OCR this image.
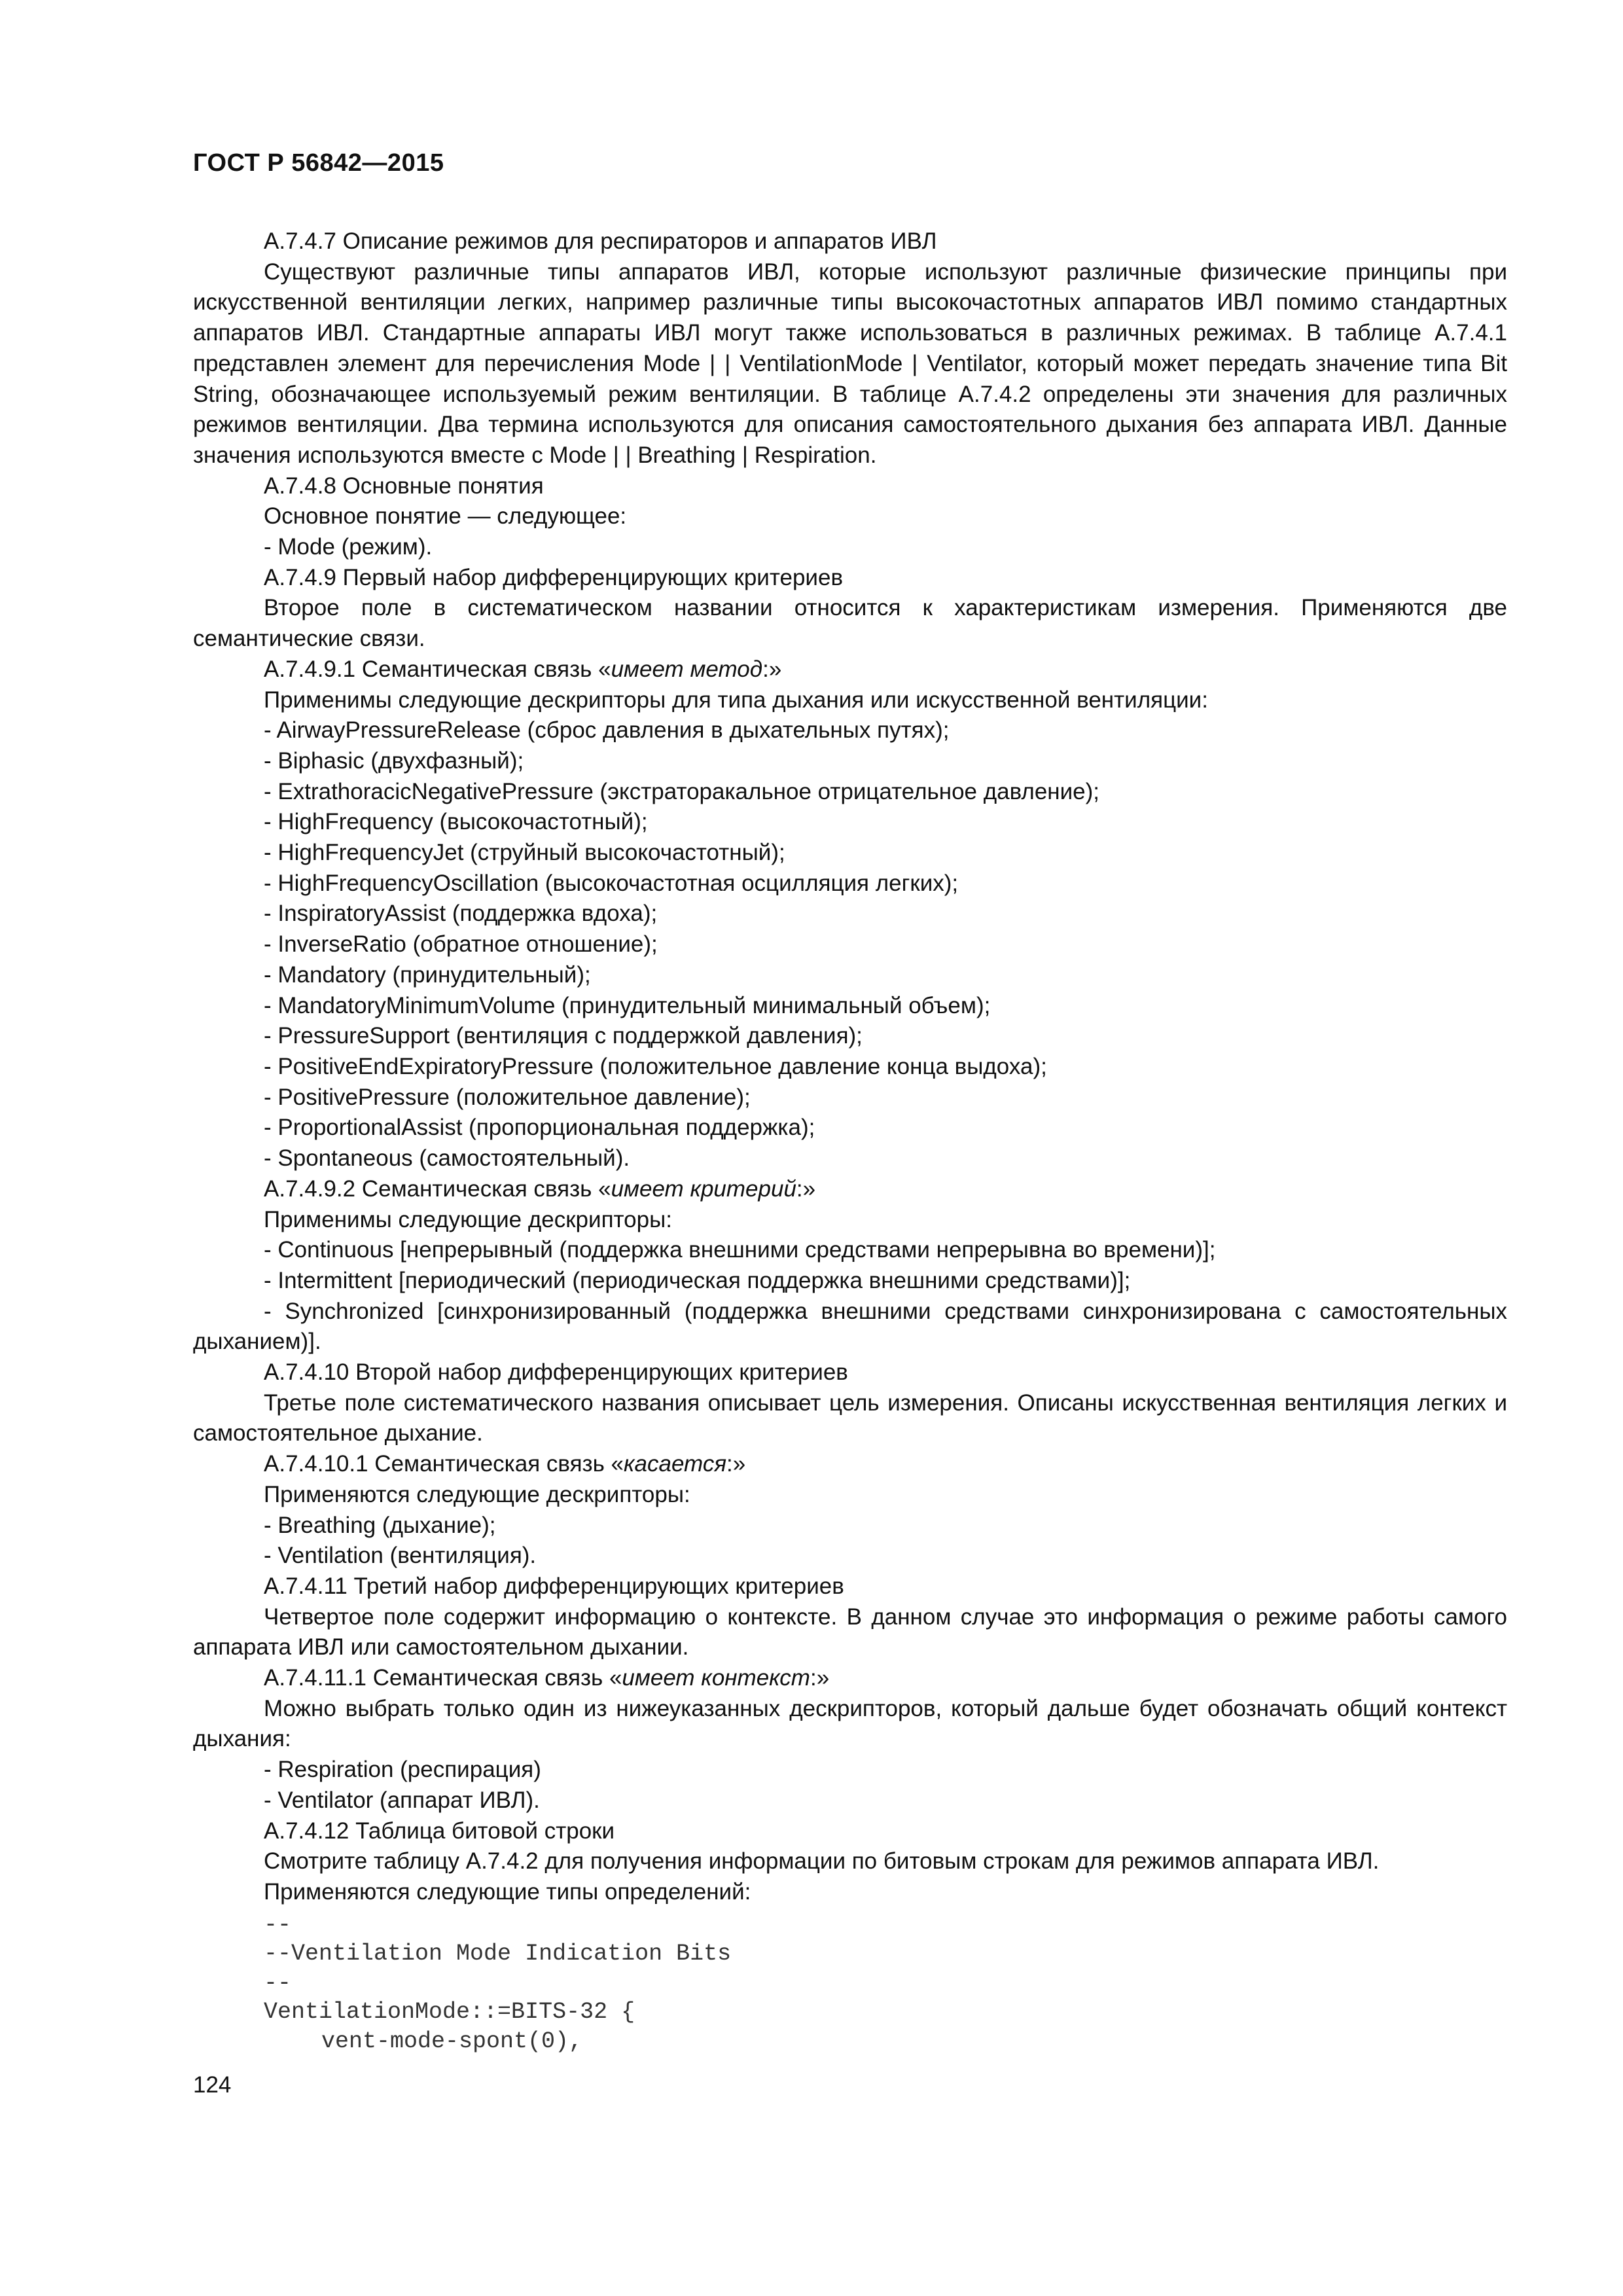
ГОСТ Р 56842—2015

А.7.4.7 Описание режимов для респираторов и аппаратов ИВЛ

Существуют различные типы аппаратов ИВЛ, которые используют различные физические принципы при искусственной вентиляции легких, например различные типы высокочастотных аппаратов ИВЛ помимо стандартных аппаратов ИВЛ. Стандартные аппараты ИВЛ могут также использоваться в различных режимах. В таблице А.7.4.1 представлен элемент для перечисления Mode | | VentilationMode | Ventilator, который может передать значение типа Bit String, обозначающее используемый режим вентиляции. В таблице А.7.4.2 определены эти значения для различных режимов вентиляции. Два термина используются для описания самостоятельного дыхания без аппарата ИВЛ. Данные значения используются вместе с Mode | | Breathing | Respiration.

А.7.4.8 Основные понятия

Основное понятие — следующее:

- Mode (режим).

А.7.4.9 Первый набор дифференцирующих критериев

Второе поле в систематическом названии относится к характеристикам измерения. Применяются две семантические связи.

А.7.4.9.1 Семантическая связь «имеет метод:»

Применимы следующие дескрипторы для типа дыхания или искусственной вентиляции:

- AirwayPressureRelease (сброс давления в дыхательных путях);

- Biphasic (двухфазный);

- ExtrathoracicNegativePressure (экстраторакальное отрицательное давление);

- HighFrequency (высокочастотный);

- HighFrequencyJet (струйный высокочастотный);

- HighFrequencyOscillation (высокочастотная осцилляция легких);

- InspiratoryAssist (поддержка вдоха);

- InverseRatio (обратное отношение);

- Mandatory (принудительный);

- MandatoryMinimumVolume (принудительный минимальный объем);

- PressureSupport (вентиляция с поддержкой давления);

- PositiveEndExpiratoryPressure (положительное давление конца выдоха);

- PositivePressure (положительное давление);

- ProportionalAssist (пропорциональная поддержка);

- Spontaneous (самостоятельный).

А.7.4.9.2 Семантическая связь «имеет критерий:»

Применимы следующие дескрипторы:

- Continuous [непрерывный (поддержка внешними средствами непрерывна во времени)];

- Intermittent [периодический (периодическая поддержка внешними средствами)];

- Synchronized [синхронизированный (поддержка внешними средствами синхронизирована с самостоятельных дыханием)].

А.7.4.10 Второй набор дифференцирующих критериев

Третье поле систематического названия описывает цель измерения. Описаны искусственная вентиляция легких и самостоятельное дыхание.

А.7.4.10.1 Семантическая связь «касается:»

Применяются следующие дескрипторы:

- Breathing (дыхание);

- Ventilation (вентиляция).

А.7.4.11 Третий набор дифференцирующих критериев

Четвертое поле содержит информацию о контексте. В данном случае это информация о режиме работы самого аппарата ИВЛ или самостоятельном дыхании.

А.7.4.11.1 Семантическая связь «имеет контекст:»

Можно выбрать только один из нижеуказанных дескрипторов, который дальше будет обозначать общий контекст дыхания:

- Respiration (респирация)

- Ventilator (аппарат ИВЛ).

А.7.4.12 Таблица битовой строки

Смотрите таблицу А.7.4.2 для получения информации по битовым строкам для режимов аппарата ИВЛ.

Применяются следующие типы определений:

--
--Ventilation Mode Indication Bits
--
VentilationMode::=BITS-32 {
vent-mode-spont(0),
124
